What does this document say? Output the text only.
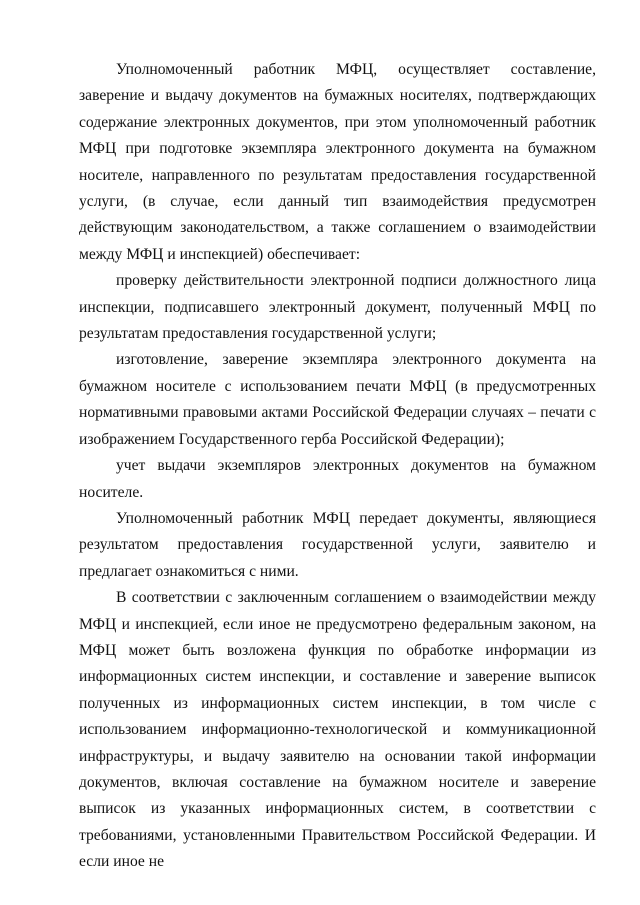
Уполномоченный работник МФЦ, осуществляет составление, заверение и выдачу документов на бумажных носителях, подтверждающих содержание электронных документов, при этом уполномоченный работник МФЦ при подготовке экземпляра электронного документа на бумажном носителе, направленного по результатам предоставления государственной услуги, (в случае, если данный тип взаимодействия предусмотрен действующим законодательством, а также соглашением о взаимодействии между МФЦ и инспекцией) обеспечивает:

проверку действительности электронной подписи должностного лица инспекции, подписавшего электронный документ, полученный МФЦ по результатам предоставления государственной услуги;

изготовление, заверение экземпляра электронного документа на бумажном носителе с использованием печати МФЦ (в предусмотренных нормативными правовыми актами Российской Федерации случаях – печати с изображением Государственного герба Российской Федерации);

учет выдачи экземпляров электронных документов на бумажном носителе.

Уполномоченный работник МФЦ передает документы, являющиеся результатом предоставления государственной услуги, заявителю и предлагает ознакомиться с ними.

В соответствии с заключенным соглашением о взаимодействии между МФЦ и инспекцией, если иное не предусмотрено федеральным законом, на МФЦ может быть возложена функция по обработке информации из информационных систем инспекции, и составление и заверение выписок полученных из информационных систем инспекции, в том числе с использованием информационно-технологической и коммуникационной инфраструктуры, и выдачу заявителю на основании такой информации документов, включая составление на бумажном носителе и заверение выписок из указанных информационных систем, в соответствии с требованиями, установленными Правительством Российской Федерации. И если иное не
